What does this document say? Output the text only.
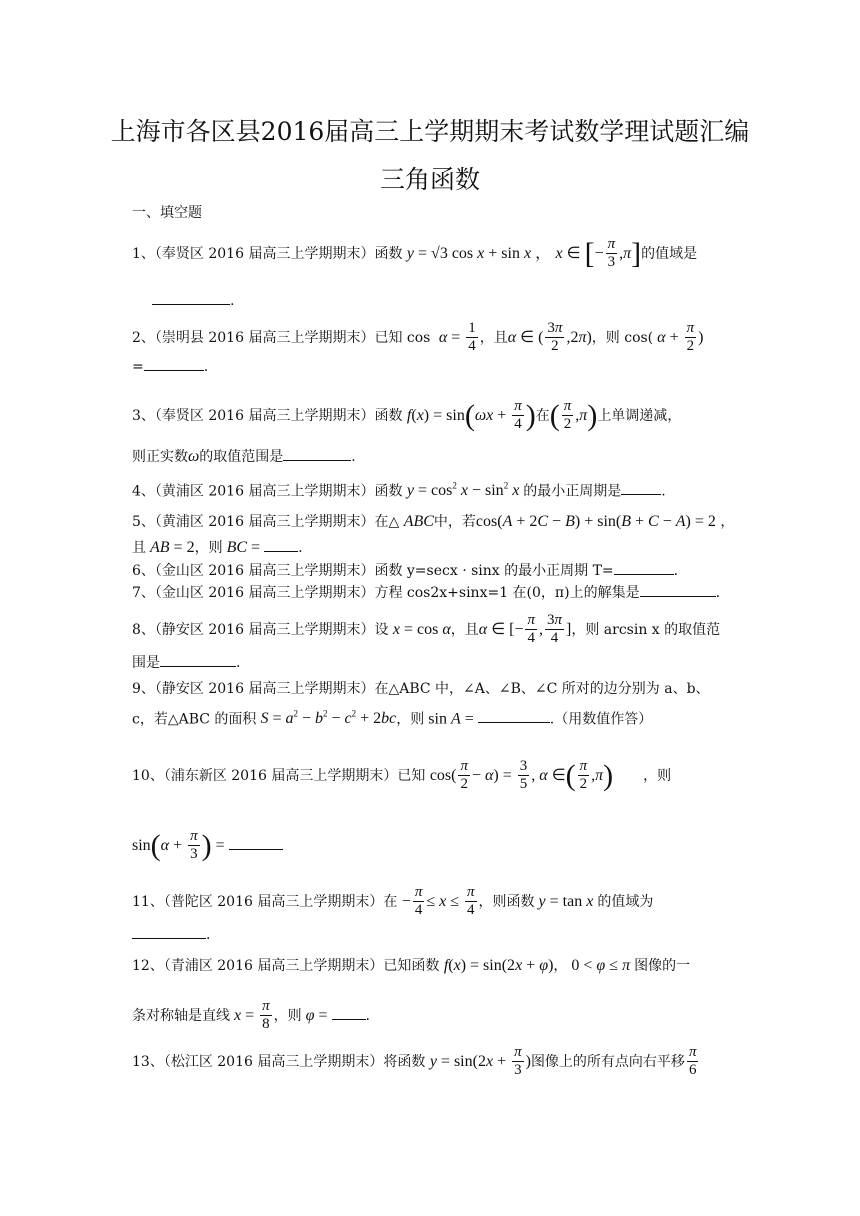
上海市各区县2016届高三上学期期末考试数学理试题汇编
三角函数
一、填空题
1、（奉贤区 2016 届高三上学期期末）函数 y = √3 cos x + sin x ， x ∈ [− $\frac{\pi}{3} ,\pi$]的值域是
.
2、（崇明县 2016 届高三上学期期末）已知 $\cos \alpha = \frac{1}{4}$ ，且α ∈ ( $\frac{3\pi}{2} ,2\pi$)，则 cos( $\alpha + \frac{\pi}{2}$ )
=	.
3、（奉贤区 2016 届高三上学期期末）函数 $f(x) = \sin(\omega x + \frac{\pi}{4}$ )在( $\frac{\pi}{2} ,\pi$)上单调递减，
则正实数ω的取值范围是	.
4、（黄浦区 2016 届高三上学期期末）函数 $y = \cos^2 x - \sin^2 x$ 的最小正周期是	.
5、（黄浦区 2016 届高三上学期期末）在△ ABC中，若cos(A + 2C − B) + sin(B + C − A) = 2 ，
且 AB = 2，则 BC = .
6、（金山区 2016 届高三上学期期末）函数 y=secx · sinx 的最小正周期 T=	.
7、（金山区 2016 届高三上学期期末）方程 cos2x+sinx=1 在(0，π)上的解集是	.
8、（静安区 2016 届高三上学期期末）设 x = cos α，且α ∈ [− $\frac{\pi}{4}$ , $\frac{3\pi}{4}$ ]，则 arcsin x 的取值范
围是	.
9、（静安区 2016 届高三上学期期末）在△ABC 中，∠A、∠B、∠C 所对的边分别为 a、b、
c，若△ABC 的面积 $S = a^2 - b^2 - c^2 + 2bc$，则 sin A =	.（用数值作答）
10、（浦东新区 2016 届高三上学期期末）已知 $\cos( \frac{\pi}{2} - \alpha) = \frac{3}{5}$ , α ∈( $\frac{\pi}{2} ,\pi$) ，则
$\sin(\alpha + \frac{\pi}{3}$ ) =
11、（普陀区 2016 届高三上学期期末）在 − $\frac{\pi}{4} \le x \le \frac{\pi}{4}$ ，则函数 y = tan x 的值域为
.
12、（青浦区 2016 届高三上学期期末）已知函数 f(x) = sin(2x + φ)， 0 < φ ≤ π 图像的一
条对称轴是直线 $x = \frac{\pi}{8}$ ，则 φ = .
13、（松江区 2016 届高三上学期期末）将函数 $y = \sin(2x + \frac{\pi}{3}$ )图像上的所有点向右平移 $\frac{\pi}{6}$
